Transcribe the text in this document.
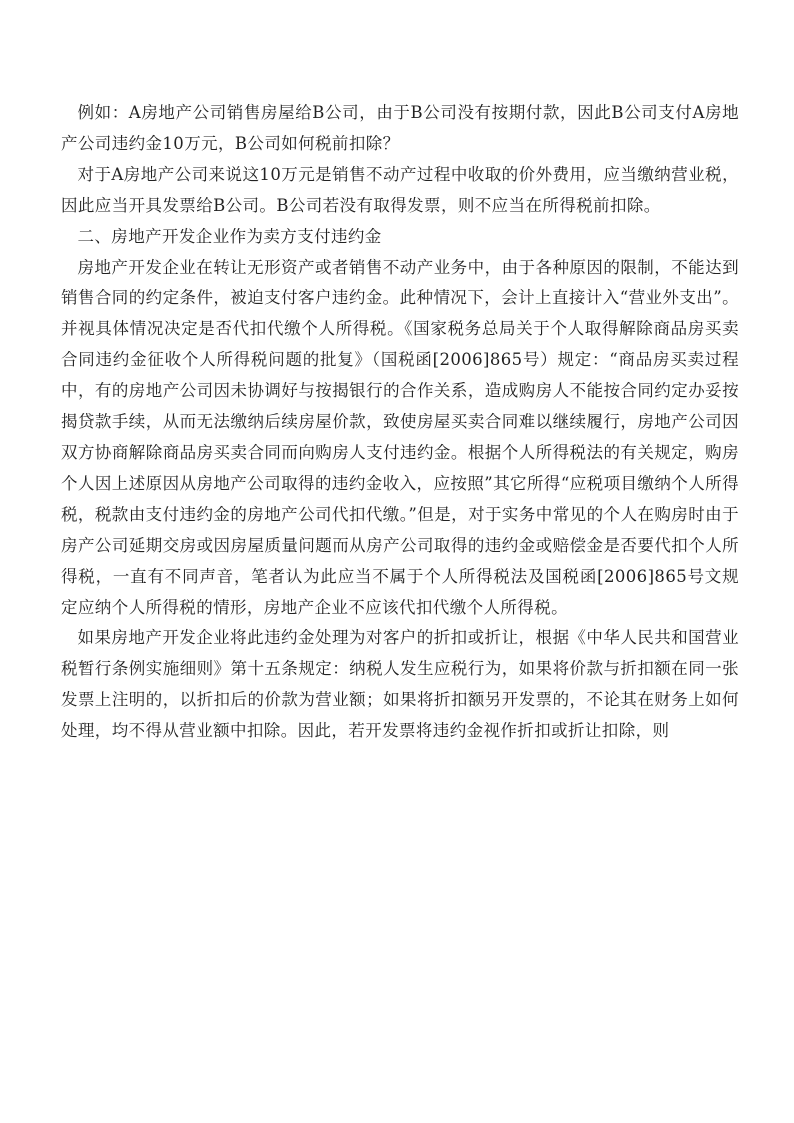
例如：A房地产公司销售房屋给B公司，由于B公司没有按期付款，因此B公司支付A房地产公司违约金10万元，B公司如何税前扣除？

对于A房地产公司来说这10万元是销售不动产过程中收取的价外费用，应当缴纳营业税，因此应当开具发票给B公司。B公司若没有取得发票，则不应当在所得税前扣除。

二、房地产开发企业作为卖方支付违约金

房地产开发企业在转让无形资产或者销售不动产业务中，由于各种原因的限制，不能达到销售合同的约定条件，被迫支付客户违约金。此种情况下，会计上直接计入“营业外支出”。并视具体情况决定是否代扣代缴个人所得税。《国家税务总局关于个人取得解除商品房买卖合同违约金征收个人所得税问题的批复》（国税函[2006]865号）规定：“商品房买卖过程中，有的房地产公司因未协调好与按揭银行的合作关系，造成购房人不能按合同约定办妥按揭贷款手续，从而无法缴纳后续房屋价款，致使房屋买卖合同难以继续履行，房地产公司因双方协商解除商品房买卖合同而向购房人支付违约金。根据个人所得税法的有关规定，购房个人因上述原因从房地产公司取得的违约金收入，应按照”其它所得“应税项目缴纳个人所得税，税款由支付违约金的房地产公司代扣代缴。”但是，对于实务中常见的个人在购房时由于房产公司延期交房或因房屋质量问题而从房产公司取得的违约金或赔偿金是否要代扣个人所得税，一直有不同声音，笔者认为此应当不属于个人所得税法及国税函[2006]865号文规定应纳个人所得税的情形，房地产企业不应该代扣代缴个人所得税。

如果房地产开发企业将此违约金处理为对客户的折扣或折让，根据《中华人民共和国营业税暂行条例实施细则》第十五条规定：纳税人发生应税行为，如果将价款与折扣额在同一张发票上注明的，以折扣后的价款为营业额；如果将折扣额另开发票的，不论其在财务上如何处理，均不得从营业额中扣除。因此，若开发票将违约金视作折扣或折让扣除，则
